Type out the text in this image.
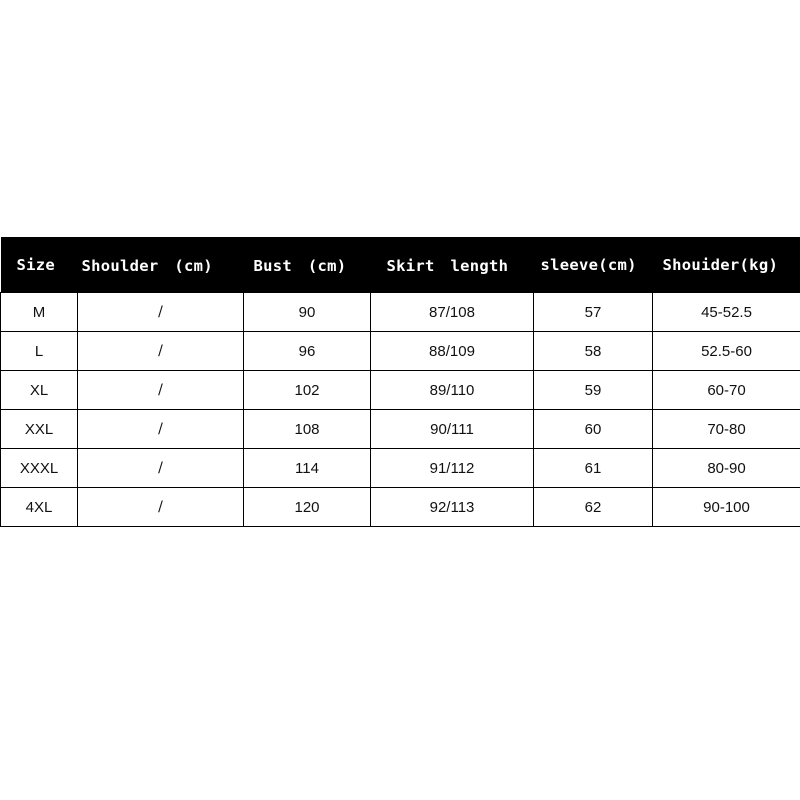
Size	Shoulder　(cm)	Bust　(cm)	Skirt　length	sleeve(cm)	Shouider(kg)
M	/	90	87/108	57	45-52.5
L	/	96	88/109	58	52.5-60
XL	/	102	89/110	59	60-70
XXL	/	108	90/111	60	70-80
XXXL	/	114	91/112	61	80-90
4XL	/	120	92/113	62	90-100
